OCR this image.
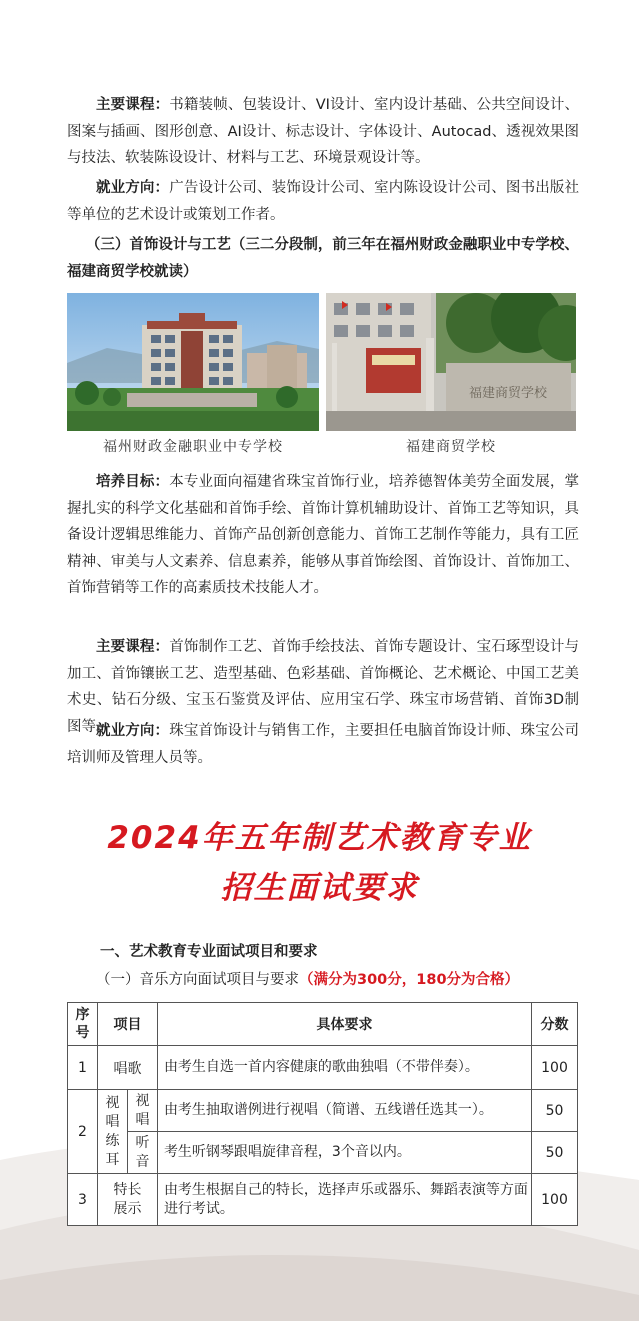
主要课程：书籍装帧、包装设计、VI设计、室内设计基础、公共空间设计、图案与插画、图形创意、AI设计、标志设计、字体设计、Autocad、透视效果图与技法、软装陈设设计、材料与工艺、环境景观设计等。

就业方向：广告设计公司、装饰设计公司、室内陈设设计公司、图书出版社等单位的艺术设计或策划工作者。

（三）首饰设计与工艺（三二分段制，前三年在福州财政金融职业中专学校、福建商贸学校就读）

福建商贸学校
福州财政金融职业中专学校	福建商贸学校

培养目标：本专业面向福建省珠宝首饰行业，培养德智体美劳全面发展，掌握扎实的科学文化基础和首饰手绘、首饰计算机辅助设计、首饰工艺等知识，具备设计逻辑思维能力、首饰产品创新创意能力、首饰工艺制作等能力，具有工匠精神、审美与人文素养、信息素养，能够从事首饰绘图、首饰设计、首饰加工、首饰营销等工作的高素质技术技能人才。

主要课程：首饰制作工艺、首饰手绘技法、首饰专题设计、宝石琢型设计与加工、首饰镶嵌工艺、造型基础、色彩基础、首饰概论、艺术概论、中国工艺美术史、钻石分级、宝玉石鉴赏及评估、应用宝石学、珠宝市场营销、首饰3D制图等。

就业方向：珠宝首饰设计与销售工作，主要担任电脑首饰设计师、珠宝公司培训师及管理人员等。

2024年五年制艺术教育专业
招生面试要求
一、艺术教育专业面试项目和要求
（一）音乐方向面试项目与要求（满分为300分，180分为合格）
序号	项目		具体要求	分数
1	唱歌		由考生自选一首内容健康的歌曲独唱（不带伴奏）。	100
2	视唱练耳	视唱	由考生抽取谱例进行视唱（简谱、五线谱任选其一）。	50
		听音	考生听钢琴跟唱旋律音程，3个音以内。	50
3	特长展示		由考生根据自己的特长，选择声乐或器乐、舞蹈表演等方面进行考试。	100
